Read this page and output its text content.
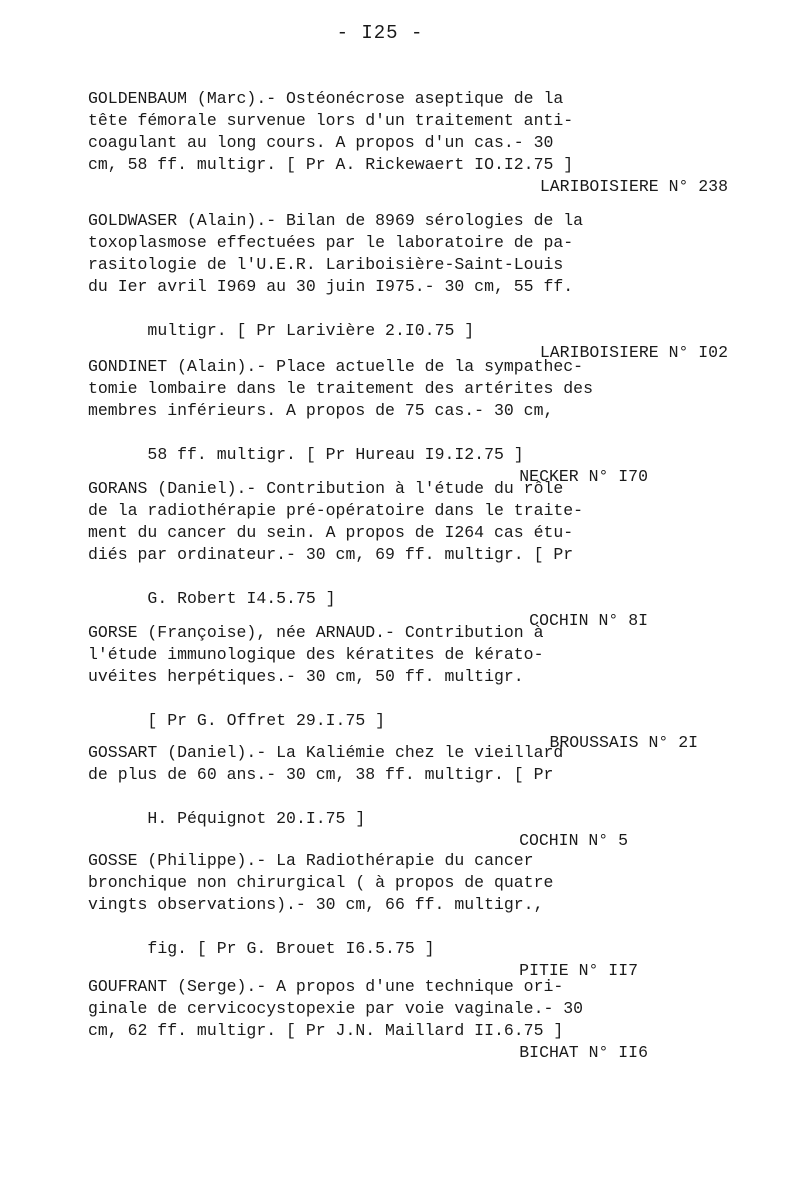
- I25 -
GOLDENBAUM (Marc).- Ostéonécrose aseptique de la
tête fémorale survenue lors d'un traitement anti-
coagulant au long cours. A propos d'un cas.- 30
cm, 58 ff. multigr. [ Pr A. Rickewaert IO.I2.75 ]
LARIBOISIERE N° 238
GOLDWASER (Alain).- Bilan de 8969 sérologies de la
toxoplasmose effectuées par le laboratoire de pa-
rasitologie de l'U.E.R. Lariboisière-Saint-Louis
du Ier avril I969 au 30 juin I975.- 30 cm, 55 ff.

multigr. [ Pr Larivière 2.I0.75 ]

LARIBOISIERE N° I02

GONDINET (Alain).- Place actuelle de la sympathec-
tomie lombaire dans le traitement des artérites des
membres inférieurs. A propos de 75 cas.- 30 cm,

58 ff. multigr. [ Pr Hureau I9.I2.75 ]

NECKER N° I70

GORANS (Daniel).- Contribution à l'étude du rôle
de la radiothérapie pré-opératoire dans le traite-
ment du cancer du sein. A propos de I264 cas étu-
diés par ordinateur.- 30 cm, 69 ff. multigr. [ Pr

G. Robert I4.5.75 ]

COCHIN N° 8I

GORSE (Françoise), née ARNAUD.- Contribution à
l'étude immunologique des kératites de kérato-
uvéites herpétiques.- 30 cm, 50 ff. multigr.

[ Pr G. Offret 29.I.75 ]

BROUSSAIS N° 2I

GOSSART (Daniel).- La Kaliémie chez le vieillard
de plus de 60 ans.- 30 cm, 38 ff. multigr. [ Pr

H. Péquignot 20.I.75 ]

COCHIN N° 5

GOSSE (Philippe).- La Radiothérapie du cancer
bronchique non chirurgical ( à propos de quatre
vingts observations).- 30 cm, 66 ff. multigr.,

fig. [ Pr G. Brouet I6.5.75 ]

PITIE N° II7

GOUFRANT (Serge).- A propos d'une technique ori-
ginale de cervicocystopexie par voie vaginale.- 30
cm, 62 ff. multigr. [ Pr J.N. Maillard II.6.75 ]
BICHAT N° II6
